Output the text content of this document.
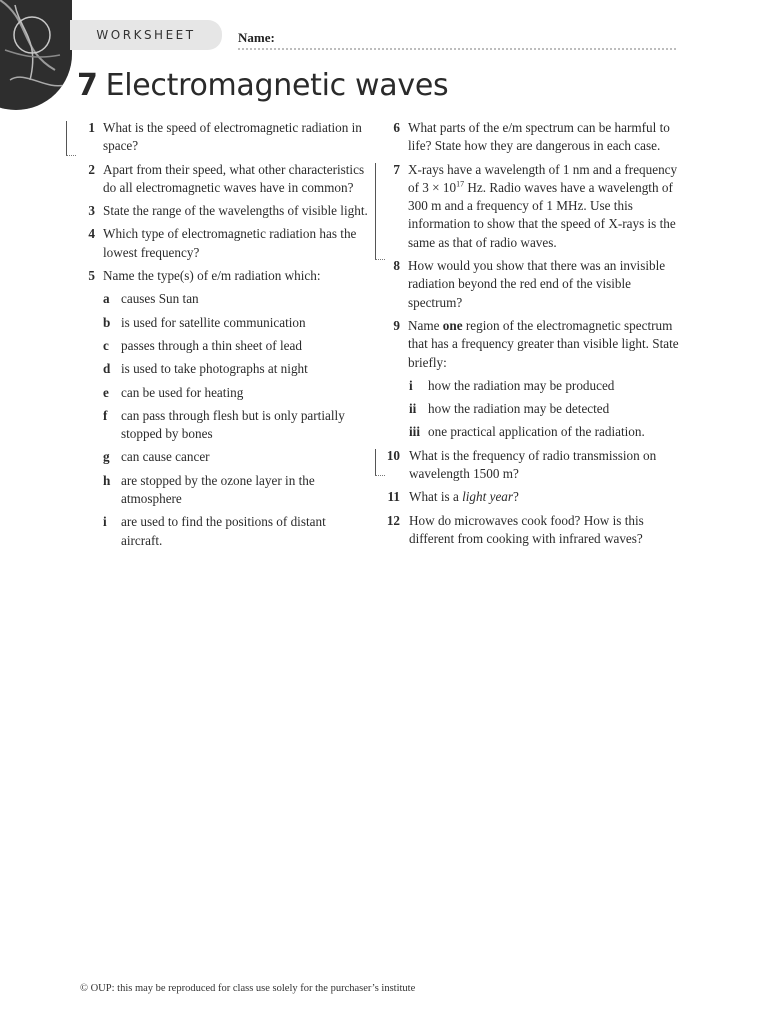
WORKSHEET	Name:
7 Electromagnetic waves
1 What is the speed of electromagnetic radiation in space?
2 Apart from their speed, what other characteristics do all electromagnetic waves have in common?
3 State the range of the wavelengths of visible light.
4 Which type of electromagnetic radiation has the lowest frequency?
5 Name the type(s) of e/m radiation which:
a causes Sun tan
b is used for satellite communication
c passes through a thin sheet of lead
d is used to take photographs at night
e can be used for heating
f can pass through flesh but is only partially stopped by bones
g can cause cancer
h are stopped by the ozone layer in the atmosphere
i are used to find the positions of distant aircraft.
6 What parts of the e/m spectrum can be harmful to life? State how they are dangerous in each case.
7 X-rays have a wavelength of 1 nm and a frequency of $3 \times 10^{17}$ Hz. Radio waves have a wavelength of 300 m and a frequency of 1 MHz. Use this information to show that the speed of X-rays is the same as that of radio waves.
8 How would you show that there was an invisible radiation beyond the red end of the visible spectrum?
9 Name one region of the electromagnetic spectrum that has a frequency greater than visible light. State briefly:
i how the radiation may be produced
ii how the radiation may be detected
iii one practical application of the radiation.
10 What is the frequency of radio transmission on wavelength 1500 m?
11 What is a light year?
12 How do microwaves cook food? How is this different from cooking with infrared waves?
© OUP: this may be reproduced for class use solely for the purchaser’s institute
